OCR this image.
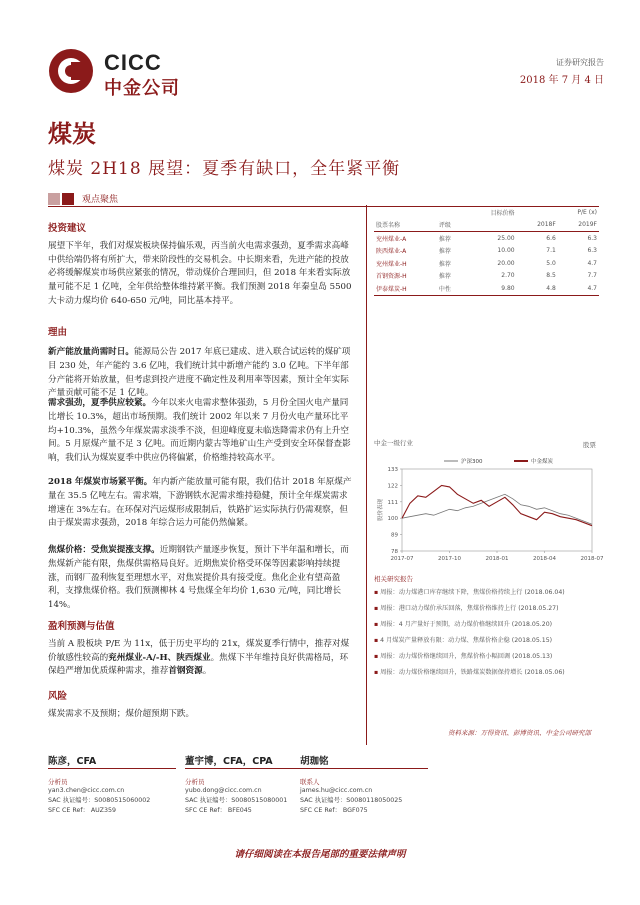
CICC
中金公司
证券研究报告
2018 年 7 月 4 日
煤炭
煤炭 2H18 展望：夏季有缺口，全年紧平衡
观点聚焦
投资建议

展望下半年，我们对煤炭板块保持偏乐观，丙当前火电需求强劲，夏季需求高峰中供给端仍将有所扩大，带来阶段性的交易机会。中长期来看，先进产能的投放必将缓解煤炭市场供应紧张的情况，带动煤价合理回归，但 2018 年来看实际放量可能不足 1 亿吨，全年供给整体维持紧平衡。我们预测 2018 年秦皇岛 5500 大卡动力煤均价 640-650 元/吨，同比基本持平。

理由

新产能放量尚需时日。能源局公告 2017 年底已建成、进入联合试运转的煤矿项目 230 处，年产能约 3.6 亿吨，我们统计其中新增产能约 3.0 亿吨。下半年部分产能将开始放量，但考虑到投产进度不确定性及利用率等因素，预计全年实际产量贡献可能不足 1 亿吨。

需求强劲，夏季供应较紧。今年以来火电需求整体强劲，5 月份全国火电产量同比增长 10.3%，超出市场预期。我们统计 2002 年以来 7 月份火电产量环比平均+10.3%，虽然今年煤炭需求淡季不淡，但迎峰度夏未临迭降需求仍有上升空间。5 月原煤产量不足 3 亿吨。而近期内蒙古等地矿山生产受到安全环保督查影响，我们认为煤炭夏季中供应仍将偏紧，价格维持较高水平。

2018 年煤炭市场紧平衡。年内新产能放量可能有限，我们估计 2018 年原煤产量在 35.5 亿吨左右。需求端，下游钢铁水泥需求维持稳健，预计全年煤炭需求增速在 3%左右。在环保对汽运煤形成限制后，铁路扩运实际执行仍需观察，但由于煤炭需求强劲，2018 年综合运力可能仍然偏紧。

焦煤价格：受焦炭提涨支撑。近期钢铁产量逐步恢复，预计下半年温和增长，而焦煤新产能有限，焦煤供需格局良好。近期焦炭价格受环保等因素影响持续提涨，而钢厂盈利恢复至理想水平，对焦炭提价具有接受度。焦化企业有望高盈利，支撑焦煤价格。我们预测柳林 4 号焦煤全年均价 1,630 元/吨，同比增长 14%。

盈利预测与估值

当前 A 股板块 P/E 为 11x，低于历史平均的 21x，煤炭夏季行情中，推荐对煤价敏感性较高的兖州煤业-A/-H、陕西煤业。焦煤下半年维持良好供需格局，环保趋严增加优质煤种需求，推荐首钢资源。

风险

煤炭需求不及预期；煤价超预期下跌。

		目标价格	P/E (x)	
股票名称	评级		2018F	2019F
兖州煤业-A	推荐	25.00	6.6	6.3
陕西煤业-A	推荐	10.00	7.1	6.3
兖州煤业-H	推荐	20.00	5.0	4.7
首钢资源-H	推荐	2.70	8.5	7.7
伊泰煤炭-H	中性	9.80	4.8	4.7
中金一级行业	股票
78
89
100
111
122
133
股价表现
2017-07	2017-10	2018-01	2018-04	2018-07
沪深300	中金煤炭
相关研究报告
▪ 周报：动力煤港口库存继续下降，焦煤价格持续上行 (2018.06.04)
▪ 周报：港口动力煤价承压回落，焦煤价格维持上行 (2018.05.27)
▪ 周报：4 月产量好于预期，动力煤价格继续回升 (2018.05.20)
▪ 4 月煤炭产量释放有限：动力煤、焦煤价格企稳 (2018.05.15)
▪ 周报：动力煤价格继续回升，焦煤价格小幅回调 (2018.05.13)
▪ 周报：动力煤价格继续回升，铁路煤炭数据保持增长 (2018.05.06)
资料来源：万得资讯、彭博资讯、中金公司研究部
陈彦，CFA
分析员
yan3.chen@cicc.com.cn
SAC 执证编号：S0080515060002
SFC CE Ref： AUZ359
董宇博，CFA，CPA
分析员
yubo.dong@cicc.com.cn
SAC 执证编号：S0080515080001
SFC CE Ref： BFE045
胡珈铭
联系人
james.hu@cicc.com.cn
SAC 执证编号：S0080118050025
SFC CE Ref： BGF075
请仔细阅读在本报告尾部的重要法律声明
